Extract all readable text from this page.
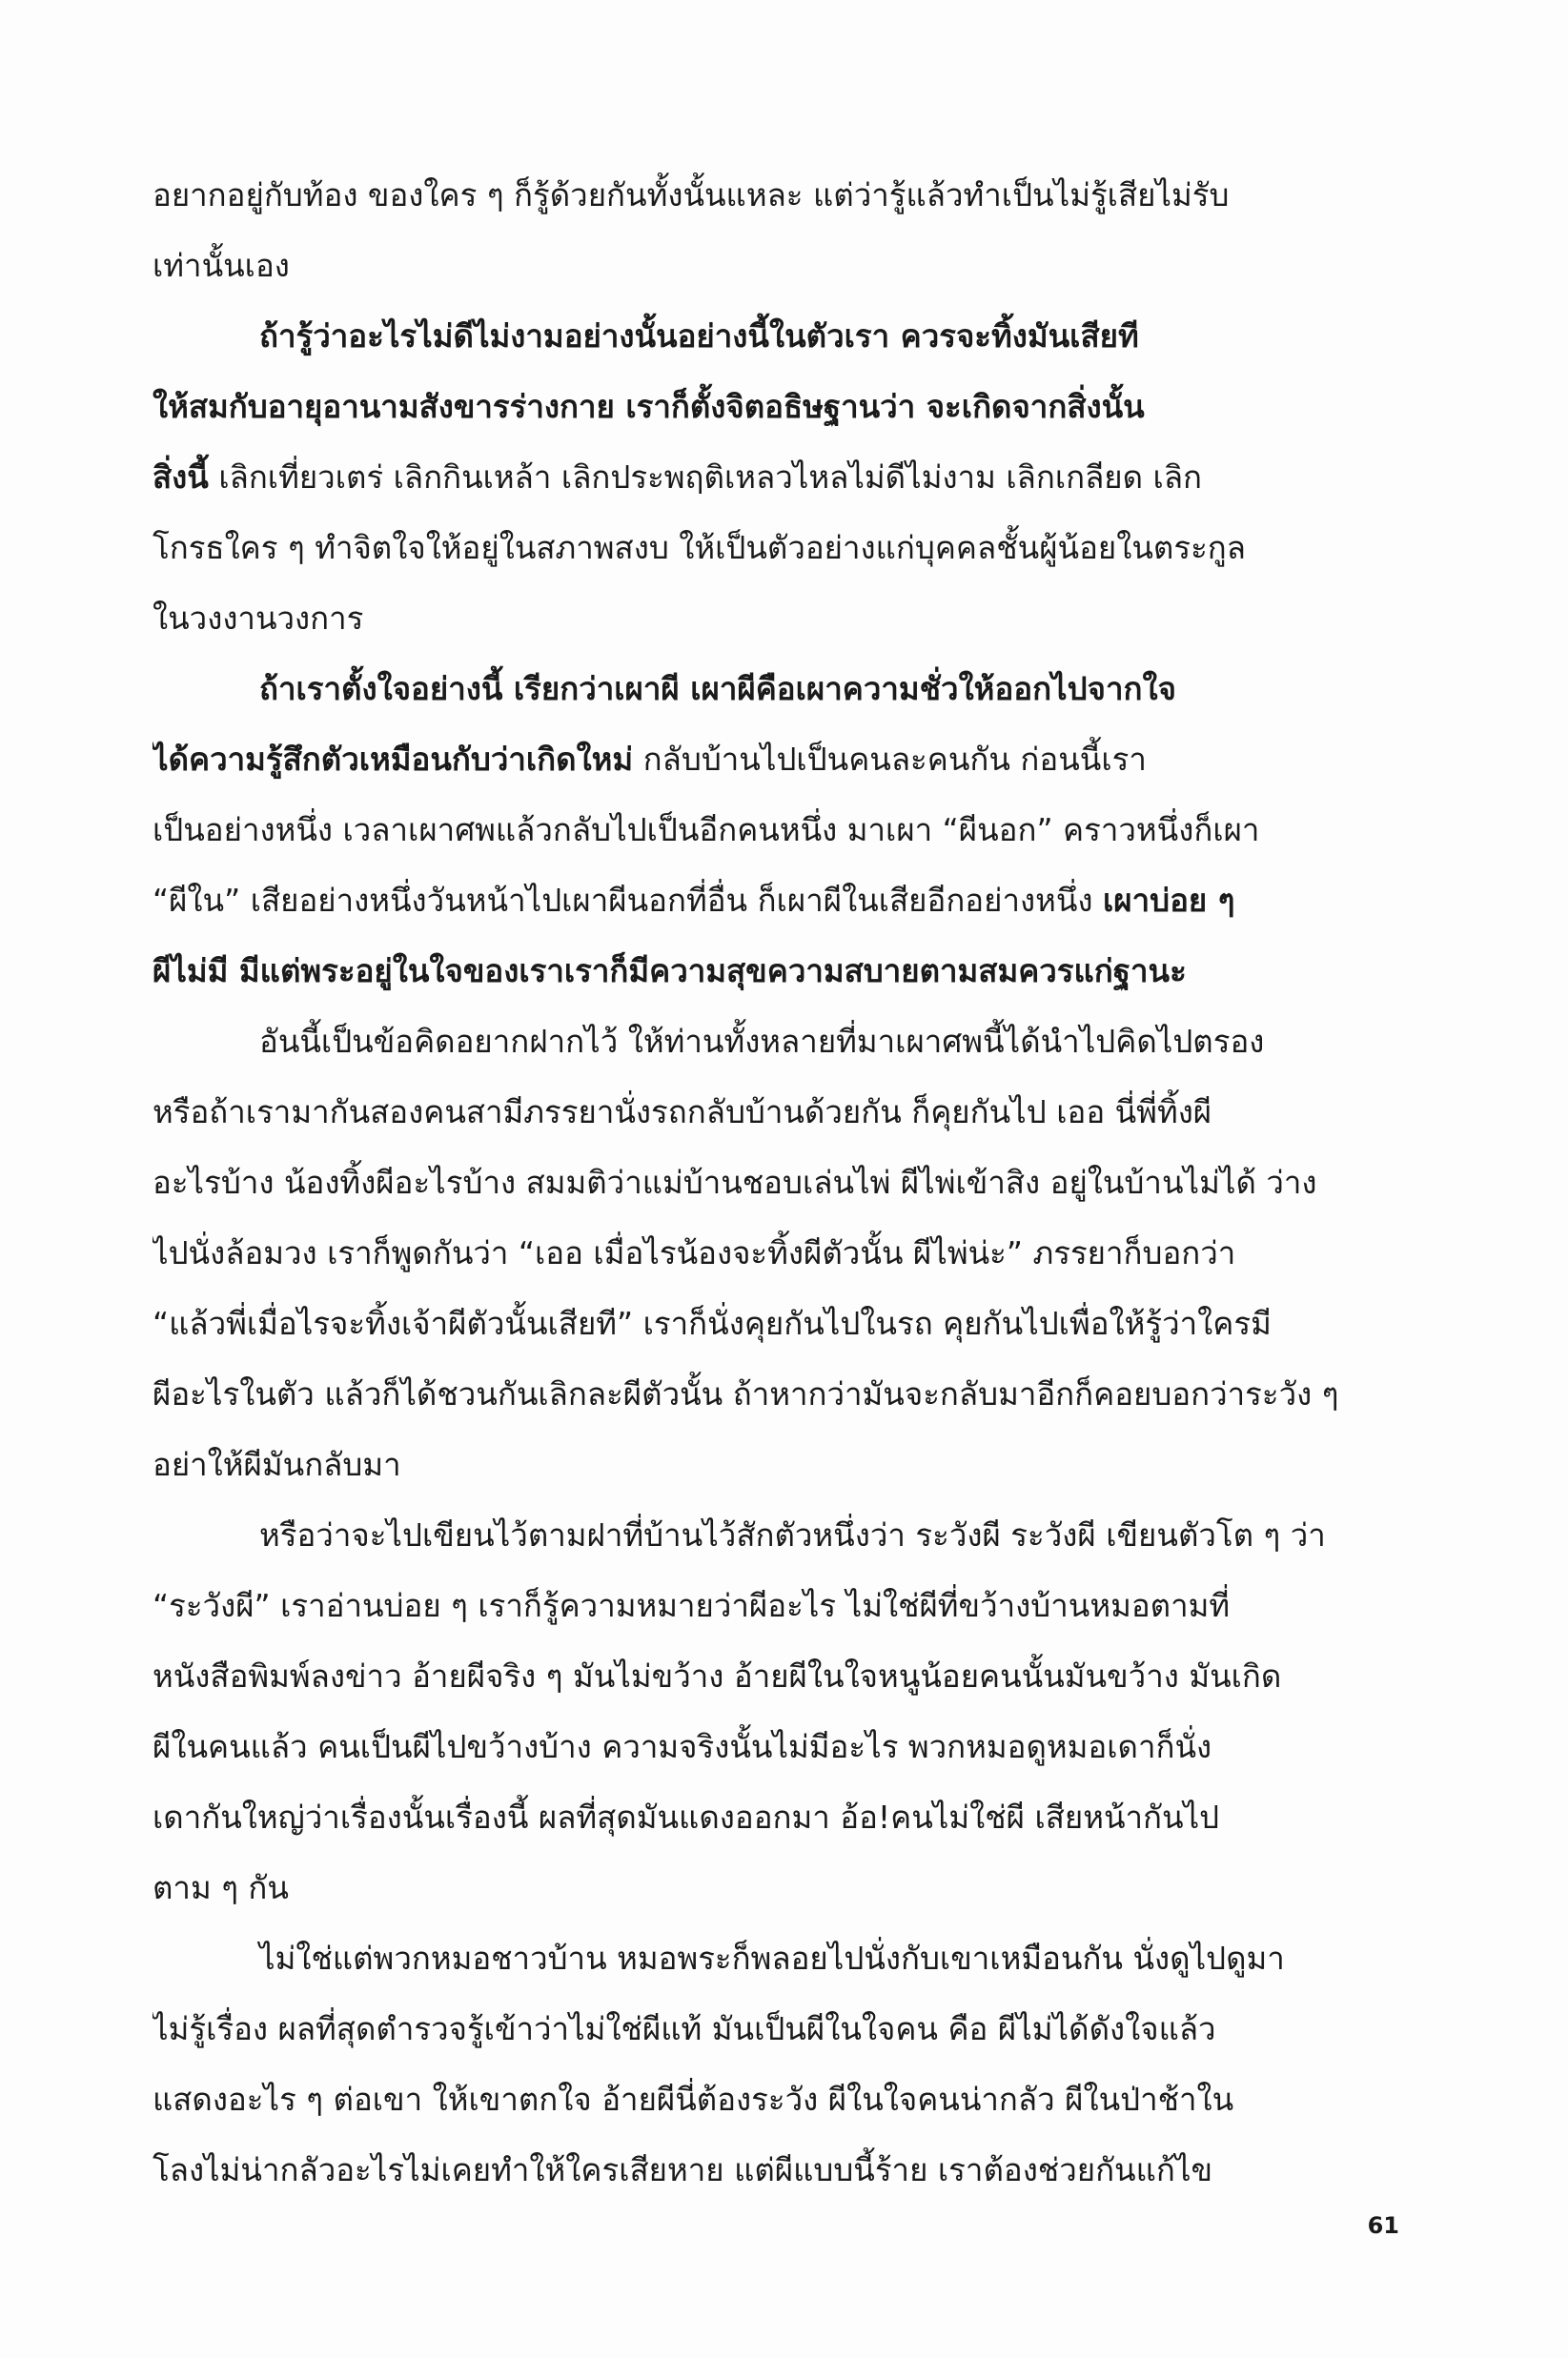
อยากอยู่กับท้อง ของใคร ๆ ก็รู้ด้วยกันทั้งนั้นแหละ แต่ว่ารู้แล้วทำเป็นไม่รู้เสียไม่รับ
เท่านั้นเอง
ถ้ารู้ว่าอะไรไม่ดีไม่งามอย่างนั้นอย่างนี้ในตัวเรา ควรจะทิ้งมันเสียที
ให้สมกับอายุอานามสังขารร่างกาย เราก็ตั้งจิตอธิษฐานว่า จะเกิดจากสิ่งนั้น
สิ่งนี้ เลิกเที่ยวเตร่ เลิกกินเหล้า เลิกประพฤติเหลวไหลไม่ดีไม่งาม เลิกเกลียด เลิก
โกรธใคร ๆ ทำจิตใจให้อยู่ในสภาพสงบ ให้เป็นตัวอย่างแก่บุคคลชั้นผู้น้อยในตระกูล
ในวงงานวงการ
ถ้าเราตั้งใจอย่างนี้ เรียกว่าเผาผี เผาผีคือเผาความชั่วให้ออกไปจากใจ
ได้ความรู้สึกตัวเหมือนกับว่าเกิดใหม่ กลับบ้านไปเป็นคนละคนกัน ก่อนนี้เรา
เป็นอย่างหนึ่ง เวลาเผาศพแล้วกลับไปเป็นอีกคนหนึ่ง มาเผา “ผีนอก” คราวหนึ่งก็เผา
“ผีใน” เสียอย่างหนึ่งวันหน้าไปเผาผีนอกที่อื่น ก็เผาผีในเสียอีกอย่างหนึ่ง เผาบ่อย ๆ
ผีไม่มี มีแต่พระอยู่ในใจของเราเราก็มีความสุขความสบายตามสมควรแก่ฐานะ
อันนี้เป็นข้อคิดอยากฝากไว้ ให้ท่านทั้งหลายที่มาเผาศพนี้ได้นำไปคิดไปตรอง
หรือถ้าเรามากันสองคนสามีภรรยานั่งรถกลับบ้านด้วยกัน ก็คุยกันไป เออ นี่พี่ทิ้งผี
อะไรบ้าง น้องทิ้งผีอะไรบ้าง สมมติว่าแม่บ้านชอบเล่นไพ่ ผีไพ่เข้าสิง อยู่ในบ้านไม่ได้ ว่าง
ไปนั่งล้อมวง เราก็พูดกันว่า “เออ เมื่อไรน้องจะทิ้งผีตัวนั้น ผีไพ่น่ะ” ภรรยาก็บอกว่า
“แล้วพี่เมื่อไรจะทิ้งเจ้าผีตัวนั้นเสียที” เราก็นั่งคุยกันไปในรถ คุยกันไปเพื่อให้รู้ว่าใครมี
ผีอะไรในตัว แล้วก็ได้ชวนกันเลิกละผีตัวนั้น ถ้าหากว่ามันจะกลับมาอีกก็คอยบอกว่าระวัง ๆ
อย่าให้ผีมันกลับมา
หรือว่าจะไปเขียนไว้ตามฝาที่บ้านไว้สักตัวหนึ่งว่า ระวังผี ระวังผี เขียนตัวโต ๆ ว่า
“ระวังผี” เราอ่านบ่อย ๆ เราก็รู้ความหมายว่าผีอะไร ไม่ใช่ผีที่ขว้างบ้านหมอตามที่
หนังสือพิมพ์ลงข่าว อ้ายผีจริง ๆ มันไม่ขว้าง อ้ายผีในใจหนูน้อยคนนั้นมันขว้าง มันเกิด
ผีในคนแล้ว คนเป็นผีไปขว้างบ้าง ความจริงนั้นไม่มีอะไร พวกหมอดูหมอเดาก็นั่ง
เดากันใหญ่ว่าเรื่องนั้นเรื่องนี้ ผลที่สุดมันแดงออกมา อ้อ!คนไม่ใช่ผี เสียหน้ากันไป
ตาม ๆ กัน
ไม่ใช่แต่พวกหมอชาวบ้าน หมอพระก็พลอยไปนั่งกับเขาเหมือนกัน นั่งดูไปดูมา
ไม่รู้เรื่อง ผลที่สุดตำรวจรู้เข้าว่าไม่ใช่ผีแท้ มันเป็นผีในใจคน คือ ผีไม่ได้ดังใจแล้ว
แสดงอะไร ๆ ต่อเขา ให้เขาตกใจ อ้ายผีนี่ต้องระวัง ผีในใจคนน่ากลัว ผีในป่าช้าใน
โลงไม่น่ากลัวอะไรไม่เคยทำให้ใครเสียหาย แต่ผีแบบนี้ร้าย เราต้องช่วยกันแก้ไข
61
